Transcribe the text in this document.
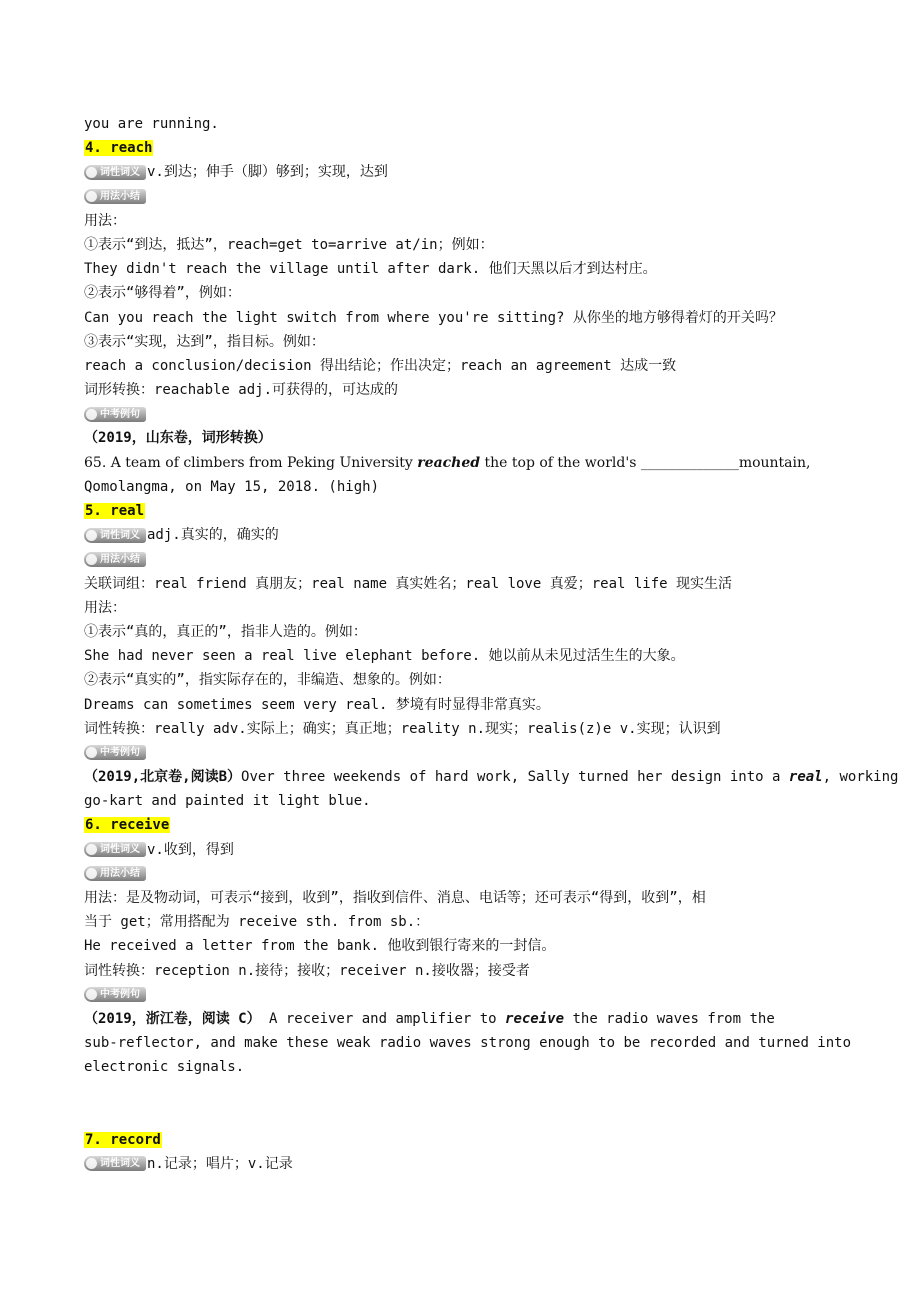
you are running.
4. reach
词性词义 v.到达；伸手（脚）够到；实现，达到
用法小结
用法：
①表示“到达，抵达”，reach=get to=arrive at/in；例如：
They didn't reach the village until after dark. 他们天黑以后才到达村庄。
②表示“够得着”，例如：
Can you reach the light switch from where you're sitting? 从你坐的地方够得着灯的开关吗？
③表示“实现，达到”，指目标。例如：
reach a conclusion/decision 得出结论；作出决定；reach an agreement 达成一致
词形转换：reachable adj.可获得的，可达成的
中考例句
（2019，山东卷，词形转换）
65. A team of climbers from Peking University reached the top of the world's ______________mountain,
Qomolangma, on May 15, 2018. (high)
5. real
词性词义 adj.真实的，确实的
用法小结
关联词组：real friend 真朋友；real name 真实姓名；real love 真爱；real life 现实生活
用法：
①表示“真的，真正的”，指非人造的。例如：
She had never seen a real live elephant before. 她以前从未见过活生生的大象。
②表示“真实的”，指实际存在的，非编造、想象的。例如：
Dreams can sometimes seem very real. 梦境有时显得非常真实。
词性转换：really adv.实际上；确实；真正地；reality n.现实；realis(z)e v.实现；认识到
中考例句
（2019,北京卷,阅读B）Over three weekends of hard work, Sally turned her design into a real, working
go-kart and painted it light blue.
6. receive
词性词义 v.收到，得到
用法小结
用法：是及物动词，可表示“接到，收到”，指收到信件、消息、电话等；还可表示“得到，收到”，相
当于 get；常用搭配为 receive sth. from sb.：
He received a letter from the bank. 他收到银行寄来的一封信。
词性转换：reception n.接待；接收；receiver n.接收器；接受者
中考例句
（2019，浙江卷，阅读 C） A receiver and amplifier to receive the radio waves from the
sub-reflector, and make these weak radio waves strong enough to be recorded and turned into
electronic signals.
7. record
词性词义 n.记录；唱片；v.记录
